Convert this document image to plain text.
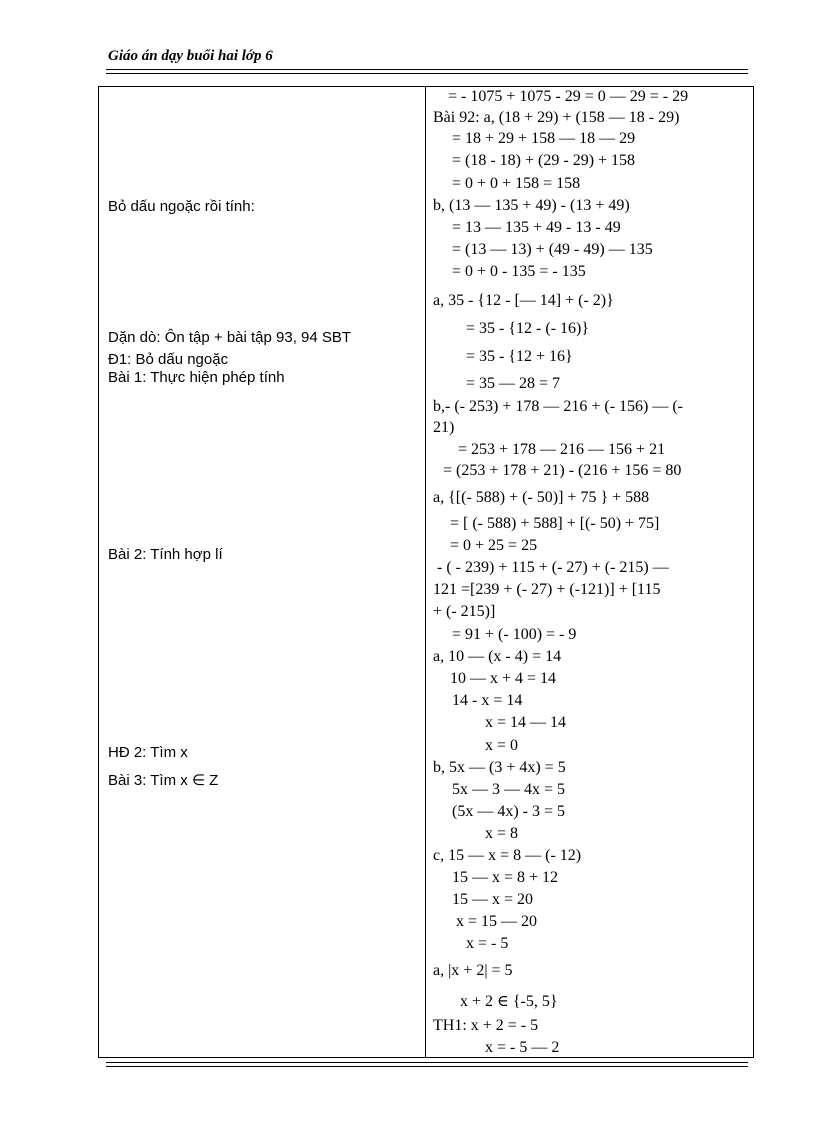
Giáo án dạy buổi hai lớp 6
Bỏ dấu ngoặc rồi tính:
Dặn dò: Ôn tập + bài tập 93, 94 SBT
Đ1: Bỏ dấu ngoặc
Bài 1: Thực hiện phép tính
Bài 2: Tính hợp lí
HĐ 2: Tìm x
Bài 3: Tìm x ∈ Z
= - 1075 + 1075 - 29 = 0 — 29 = - 29
Bài 92: a, (18 + 29) + (158 — 18 - 29)
= 18 + 29 + 158 — 18 — 29
= (18 - 18) + (29 - 29) + 158
= 0 + 0 + 158 = 158
b, (13 — 135 + 49) - (13 + 49)
= 13 — 135 + 49 - 13 - 49
= (13 — 13) + (49 - 49) — 135
= 0 + 0 - 135 = - 135
a, 35 - {12 - [— 14] + (- 2)}
= 35 - {12 - (- 16)}
= 35 - {12 + 16}
= 35 — 28 = 7
b,- (- 253) + 178 — 216 + (- 156) — (-
21)
= 253 + 178 — 216 — 156 + 21
= (253 + 178 + 21) - (216 + 156 = 80
a, {[(- 588) + (- 50)] + 75 } + 588
= [ (- 588) + 588] + [(- 50) + 75]
= 0 + 25 = 25
- ( - 239) + 115 + (- 27) + (- 215) —
121 =[239 + (- 27) + (-121)] + [115
+ (- 215)]
= 91 + (- 100) = - 9
a, 10 — (x - 4) = 14
10 — x + 4 = 14
14 - x = 14
x = 14 — 14
x = 0
b, 5x — (3 + 4x) = 5
5x — 3 — 4x = 5
(5x — 4x) - 3 = 5
x = 8
c, 15 — x = 8 — (- 12)
15 — x = 8 + 12
15 — x = 20
x = 15 — 20
x = - 5
a, |x + 2| = 5
x + 2 ∈ {-5, 5}
TH1: x + 2 = - 5
x = - 5 — 2
